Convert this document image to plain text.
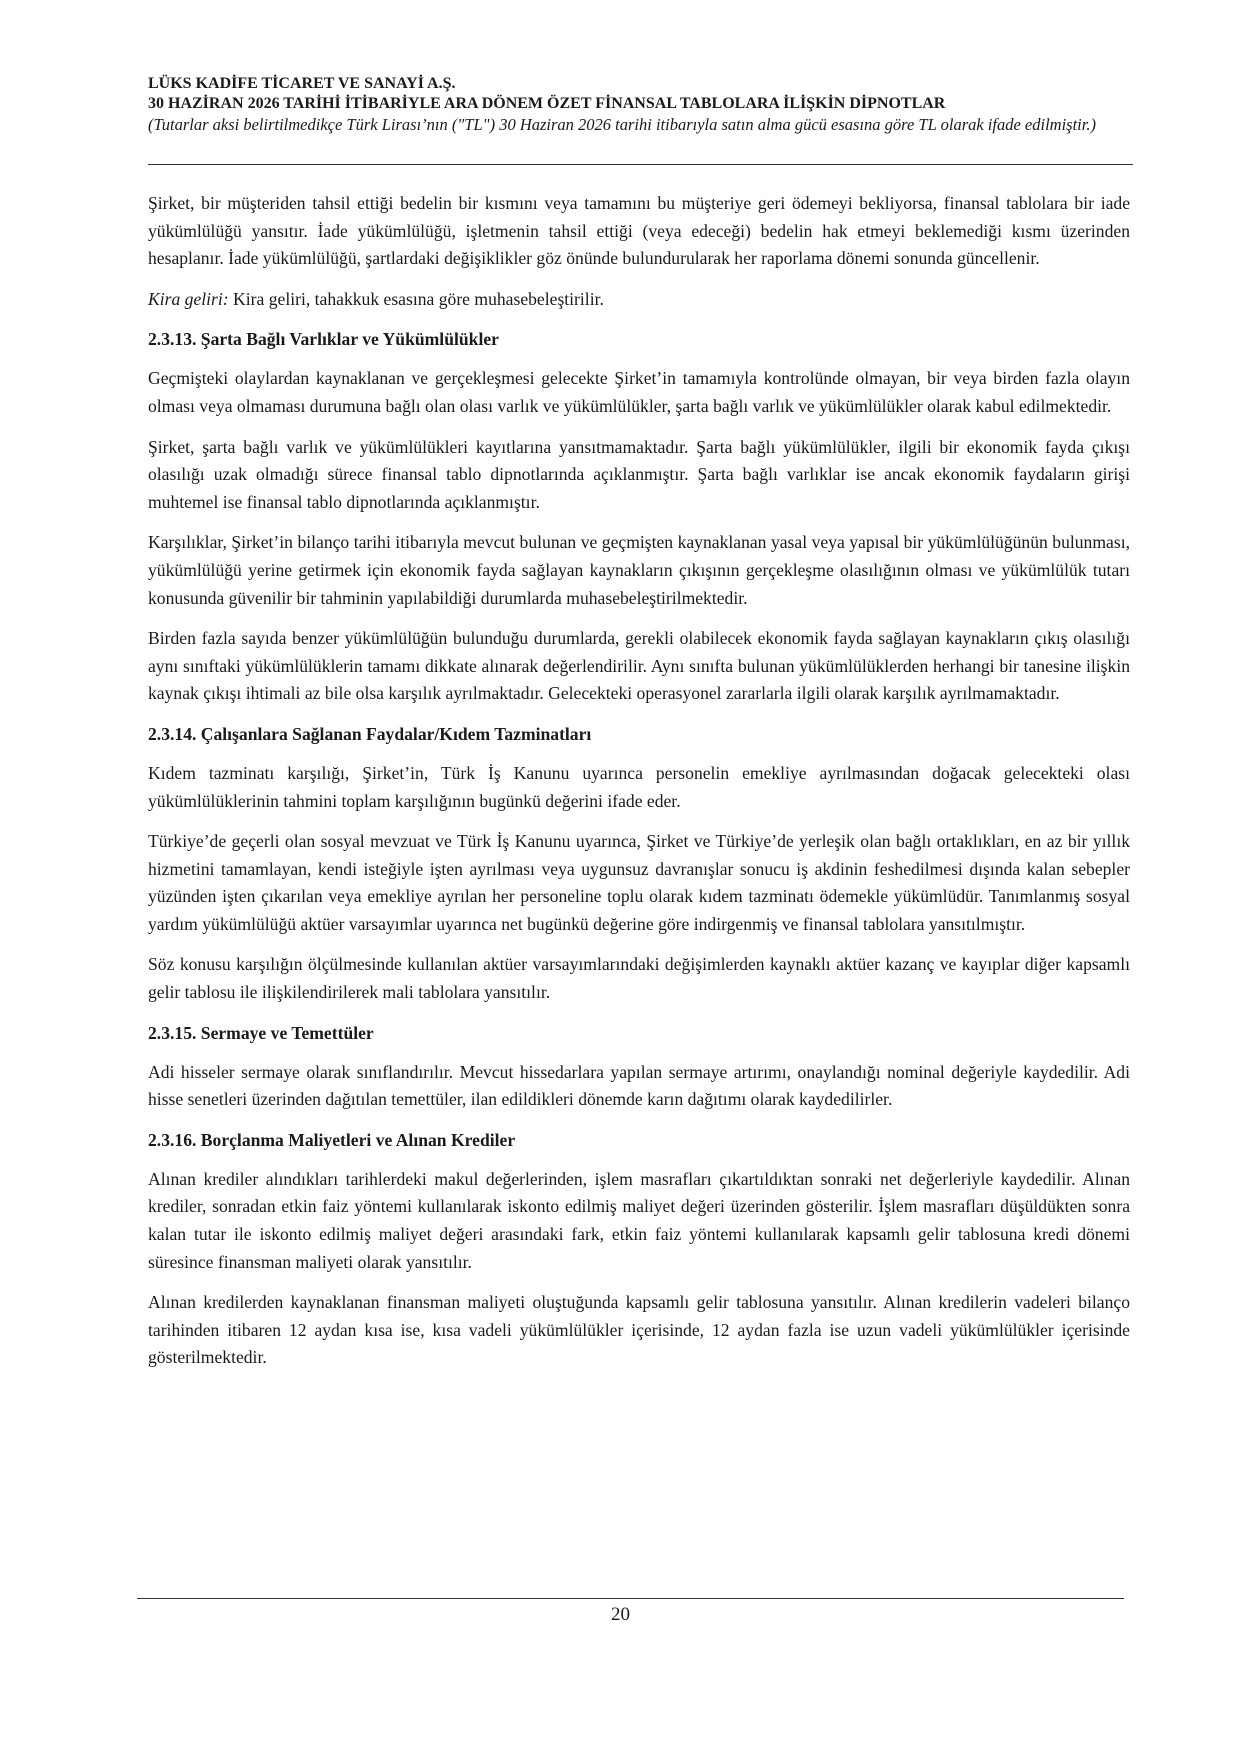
LÜKS KADİFE TİCARET VE SANAYİ A.Ş.

30 HAZİRAN 2026 TARİHİ İTİBARİYLE ARA DÖNEM ÖZET FİNANSAL TABLOLARA İLİŞKİN DİPNOTLAR

(Tutarlar aksi belirtilmedikçe Türk Lirası’nın ("TL") 30 Haziran 2026 tarihi itibarıyla satın alma gücü esasına göre TL olarak ifade edilmiştir.)

Şirket, bir müşteriden tahsil ettiği bedelin bir kısmını veya tamamını bu müşteriye geri ödemeyi bekliyorsa, finansal tablolara bir iade yükümlülüğü yansıtır. İade yükümlülüğü, işletmenin tahsil ettiği (veya edeceği) bedelin hak etmeyi beklemediği kısmı üzerinden hesaplanır. İade yükümlülüğü, şartlardaki değişiklikler göz önünde bulundurularak her raporlama dönemi sonunda güncellenir.

Kira geliri: Kira geliri, tahakkuk esasına göre muhasebeleştirilir.

2.3.13. Şarta Bağlı Varlıklar ve Yükümlülükler

Geçmişteki olaylardan kaynaklanan ve gerçekleşmesi gelecekte Şirket’in tamamıyla kontrolünde olmayan, bir veya birden fazla olayın olması veya olmaması durumuna bağlı olan olası varlık ve yükümlülükler, şarta bağlı varlık ve yükümlülükler olarak kabul edilmektedir.

Şirket, şarta bağlı varlık ve yükümlülükleri kayıtlarına yansıtmamaktadır. Şarta bağlı yükümlülükler, ilgili bir ekonomik fayda çıkışı olasılığı uzak olmadığı sürece finansal tablo dipnotlarında açıklanmıştır. Şarta bağlı varlıklar ise ancak ekonomik faydaların girişi muhtemel ise finansal tablo dipnotlarında açıklanmıştır.

Karşılıklar, Şirket’in bilanço tarihi itibarıyla mevcut bulunan ve geçmişten kaynaklanan yasal veya yapısal bir yükümlülüğünün bulunması, yükümlülüğü yerine getirmek için ekonomik fayda sağlayan kaynakların çıkışının gerçekleşme olasılığının olması ve yükümlülük tutarı konusunda güvenilir bir tahminin yapılabildiği durumlarda muhasebeleştirilmektedir.

Birden fazla sayıda benzer yükümlülüğün bulunduğu durumlarda, gerekli olabilecek ekonomik fayda sağlayan kaynakların çıkış olasılığı aynı sınıftaki yükümlülüklerin tamamı dikkate alınarak değerlendirilir. Aynı sınıfta bulunan yükümlülüklerden herhangi bir tanesine ilişkin kaynak çıkışı ihtimali az bile olsa karşılık ayrılmaktadır. Gelecekteki operasyonel zararlarla ilgili olarak karşılık ayrılmamaktadır.

2.3.14. Çalışanlara Sağlanan Faydalar/Kıdem Tazminatları

Kıdem tazminatı karşılığı, Şirket’in, Türk İş Kanunu uyarınca personelin emekliye ayrılmasından doğacak gelecekteki olası yükümlülüklerinin tahmini toplam karşılığının bugünkü değerini ifade eder.

Türkiye’de geçerli olan sosyal mevzuat ve Türk İş Kanunu uyarınca, Şirket ve Türkiye’de yerleşik olan bağlı ortaklıkları, en az bir yıllık hizmetini tamamlayan, kendi isteğiyle işten ayrılması veya uygunsuz davranışlar sonucu iş akdinin feshedilmesi dışında kalan sebepler yüzünden işten çıkarılan veya emekliye ayrılan her personeline toplu olarak kıdem tazminatı ödemekle yükümlüdür. Tanımlanmış sosyal yardım yükümlülüğü aktüer varsayımlar uyarınca net bugünkü değerine göre indirgenmiş ve finansal tablolara yansıtılmıştır.

Söz konusu karşılığın ölçülmesinde kullanılan aktüer varsayımlarındaki değişimlerden kaynaklı aktüer kazanç ve kayıplar diğer kapsamlı gelir tablosu ile ilişkilendirilerek mali tablolara yansıtılır.

2.3.15. Sermaye ve Temettüler

Adi hisseler sermaye olarak sınıflandırılır. Mevcut hissedarlara yapılan sermaye artırımı, onaylandığı nominal değeriyle kaydedilir. Adi hisse senetleri üzerinden dağıtılan temettüler, ilan edildikleri dönemde karın dağıtımı olarak kaydedilirler.

2.3.16. Borçlanma Maliyetleri ve Alınan Krediler

Alınan krediler alındıkları tarihlerdeki makul değerlerinden, işlem masrafları çıkartıldıktan sonraki net değerleriyle kaydedilir. Alınan krediler, sonradan etkin faiz yöntemi kullanılarak iskonto edilmiş maliyet değeri üzerinden gösterilir. İşlem masrafları düşüldükten sonra kalan tutar ile iskonto edilmiş maliyet değeri arasındaki fark, etkin faiz yöntemi kullanılarak kapsamlı gelir tablosuna kredi dönemi süresince finansman maliyeti olarak yansıtılır.

Alınan kredilerden kaynaklanan finansman maliyeti oluştuğunda kapsamlı gelir tablosuna yansıtılır. Alınan kredilerin vadeleri bilanço tarihinden itibaren 12 aydan kısa ise, kısa vadeli yükümlülükler içerisinde, 12 aydan fazla ise uzun vadeli yükümlülükler içerisinde gösterilmektedir.

20
